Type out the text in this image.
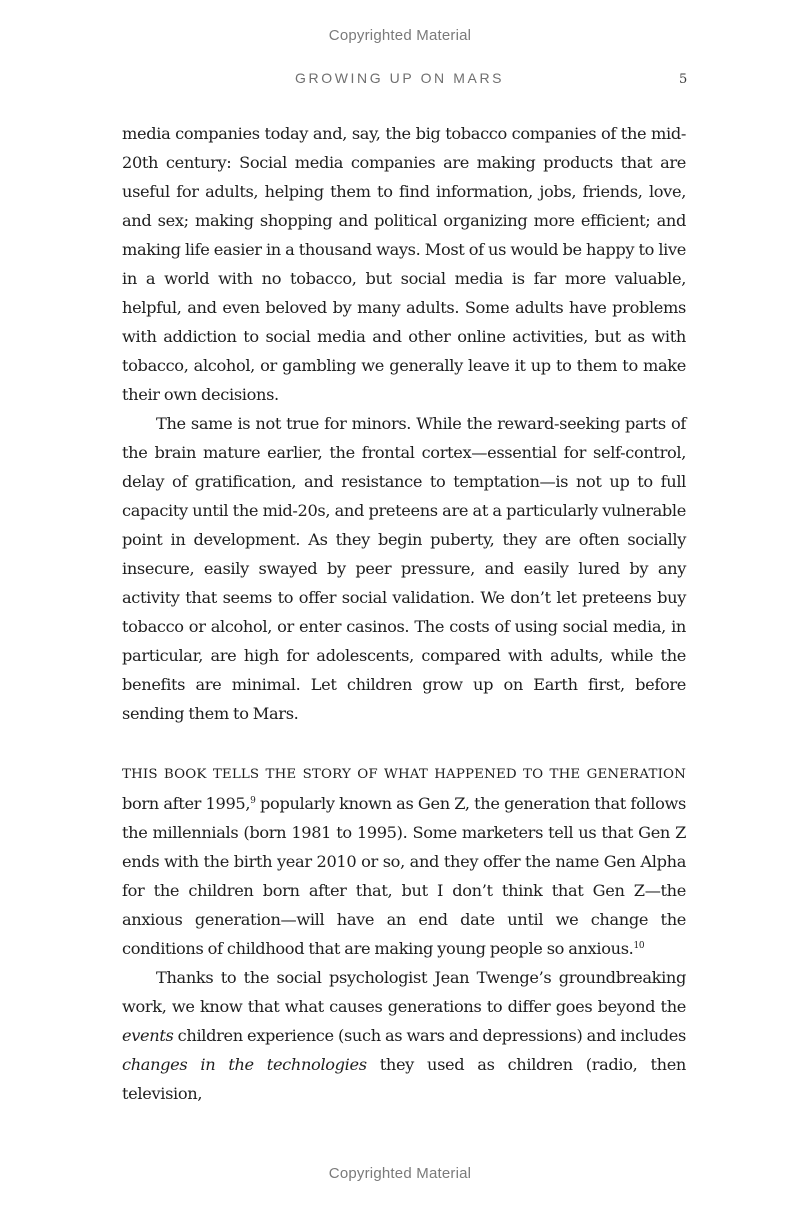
Copyrighted Material
GROWING UP ON MARS	5

media companies today and, say, the big tobacco companies of the mid-20th century: Social media companies are making products that are useful for adults, helping them to find information, jobs, friends, love, and sex; making shopping and political organizing more efficient; and making life easier in a thousand ways. Most of us would be happy to live in a world with no tobacco, but social media is far more valuable, helpful, and even beloved by many adults. Some adults have problems with addiction to social media and other online activities, but as with tobacco, alcohol, or gambling we generally leave it up to them to make their own decisions.

The same is not true for minors. While the reward-seeking parts of the brain mature earlier, the frontal cortex—essential for self-control, delay of gratification, and resistance to temptation—is not up to full capacity until the mid-20s, and preteens are at a particularly vulnerable point in development. As they begin puberty, they are often socially insecure, easily swayed by peer pressure, and easily lured by any activity that seems to offer social validation. We don’t let preteens buy tobacco or alcohol, or enter casinos. The costs of using social media, in particular, are high for adolescents, compared with adults, while the benefits are minimal. Let children grow up on Earth first, before sending them to Mars.

THIS BOOK TELLS THE STORY OF WHAT HAPPENED TO THE GENERATION born after 1995,$^9$ popularly known as Gen Z, the generation that follows the millennials (born 1981 to 1995). Some marketers tell us that Gen Z ends with the birth year 2010 or so, and they offer the name Gen Alpha for the children born after that, but I don’t think that Gen Z—the anxious generation—will have an end date until we change the conditions of childhood that are making young people so anxious.$^{10}$

Thanks to the social psychologist Jean Twenge’s groundbreaking work, we know that what causes generations to differ goes beyond the events children experience (such as wars and depressions) and includes changes in the technologies they used as children (radio, then television,

Copyrighted Material
